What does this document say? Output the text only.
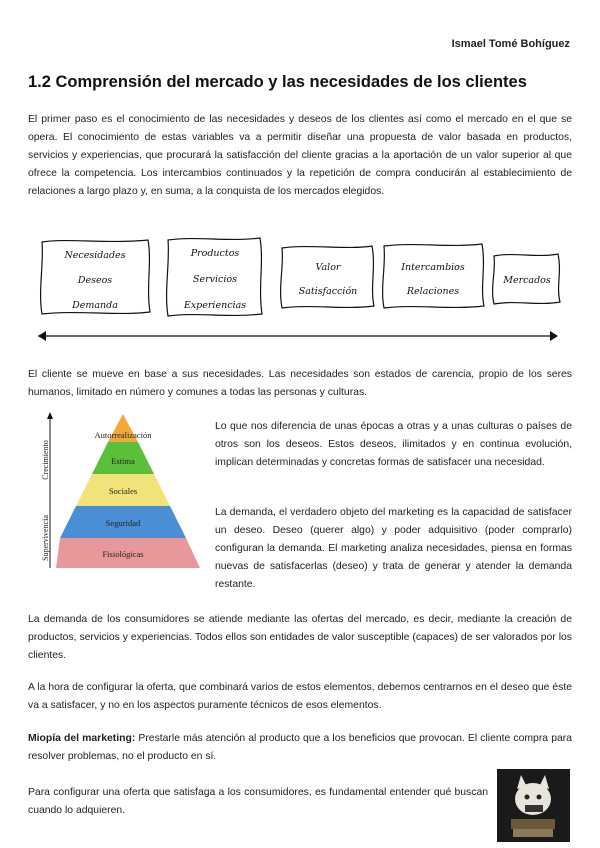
Ismael Tomé Bohíguez
1.2 Comprensión del mercado y las necesidades de los clientes

El primer paso es el conocimiento de las necesidades y deseos de los clientes así como el mercado en el que se opera. El conocimiento de estas variables va a permitir diseñar una propuesta de valor basada en productos, servicios y experiencias, que procurará la satisfacción del cliente gracias a la aportación de un valor superior al que ofrece la competencia. Los intercambios continuados y la repetición de compra conducirán al establecimiento de relaciones a largo plazo y, en suma, a la conquista de los mercados elegidos.

Necesidades
Deseos
Demanda
Productos
Servicios
Experiencias
Valor
Satisfacción
Intercambios
Relaciones
Mercados

El cliente se mueve en base a sus necesidades. Las necesidades son estados de carencia, propio de los seres humanos, limitado en número y comunes a todas las personas y culturas.

Crecimiento
Supervivencia
Autorrealización
Estima
Sociales
Seguridad
Fisiológicas

Lo que nos diferencia de unas épocas a otras y a unas culturas o países de otros son los deseos. Estos deseos, ilimitados y en continua evolución, implican determinadas y concretas formas de satisfacer una necesidad.

La demanda, el verdadero objeto del marketing es la capacidad de satisfacer un deseo. Deseo (querer algo) y poder adquisitivo (poder comprarlo) configuran la demanda. El marketing analiza necesidades, piensa en formas nuevas de satisfacerlas (deseo) y trata de generar y atender la demanda restante.

La demanda de los consumidores se atiende mediante las ofertas del mercado, es decir, mediante la creación de productos, servicios y experiencias. Todos ellos son entidades de valor susceptible (capaces) de ser valorados por los clientes.

A la hora de configurar la oferta, que combinará varios de estos elementos, debemos centrarnos en el deseo que éste va a satisfacer, y no en los aspectos puramente técnicos de esos elementos.

Miopía del marketing: Prestarle más atención al producto que a los beneficios que provocan. El cliente compra para resolver problemas, no el producto en sí.

Para configurar una oferta que satisfaga a los consumidores, es fundamental entender qué buscan cuando lo adquieren.
